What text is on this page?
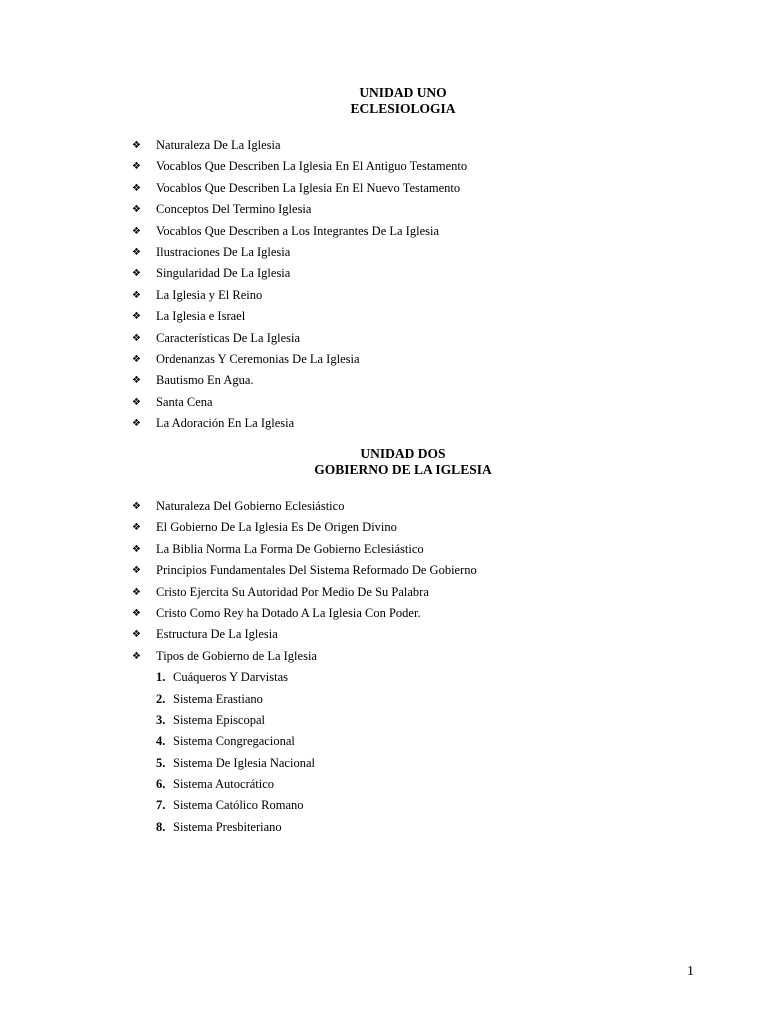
UNIDAD UNO
ECLESIOLOGIA
❖ Naturaleza De La Iglesia
❖ Vocablos Que Describen La Iglesia En El Antiguo Testamento
❖ Vocablos Que Describen La Iglesia En El Nuevo Testamento
❖ Conceptos Del Termino Iglesia
❖ Vocablos Que Describen a Los Integrantes De La Iglesia
❖ Ilustraciones De La Iglesia
❖ Singularidad De La Iglesia
❖ La Iglesia y El Reino
❖ La Iglesia e Israel
❖ Características De La Iglesia
❖ Ordenanzas Y Ceremonias De La Iglesia
❖ Bautismo En Agua.
❖ Santa Cena
❖ La Adoración En La Iglesia
UNIDAD DOS
GOBIERNO DE LA IGLESIA
❖ Naturaleza Del Gobierno Eclesiástico
❖ El Gobierno De La Iglesia Es De Origen Divino
❖ La Biblia Norma La Forma De Gobierno Eclesiástico
❖ Principios Fundamentales Del Sistema Reformado De Gobierno
❖ Cristo Ejercita Su Autoridad Por Medio De Su Palabra
❖ Cristo Como Rey ha Dotado A La Iglesia Con Poder.
❖ Estructura De La Iglesia
❖ Tipos de Gobierno de La Iglesia
1. Cuáqueros Y Darvistas
2. Sistema Erastiano
3. Sistema Episcopal
4. Sistema Congregacional
5. Sistema De Iglesia Nacional
6. Sistema Autocrático
7. Sistema Católico Romano
8. Sistema Presbiteriano
1
